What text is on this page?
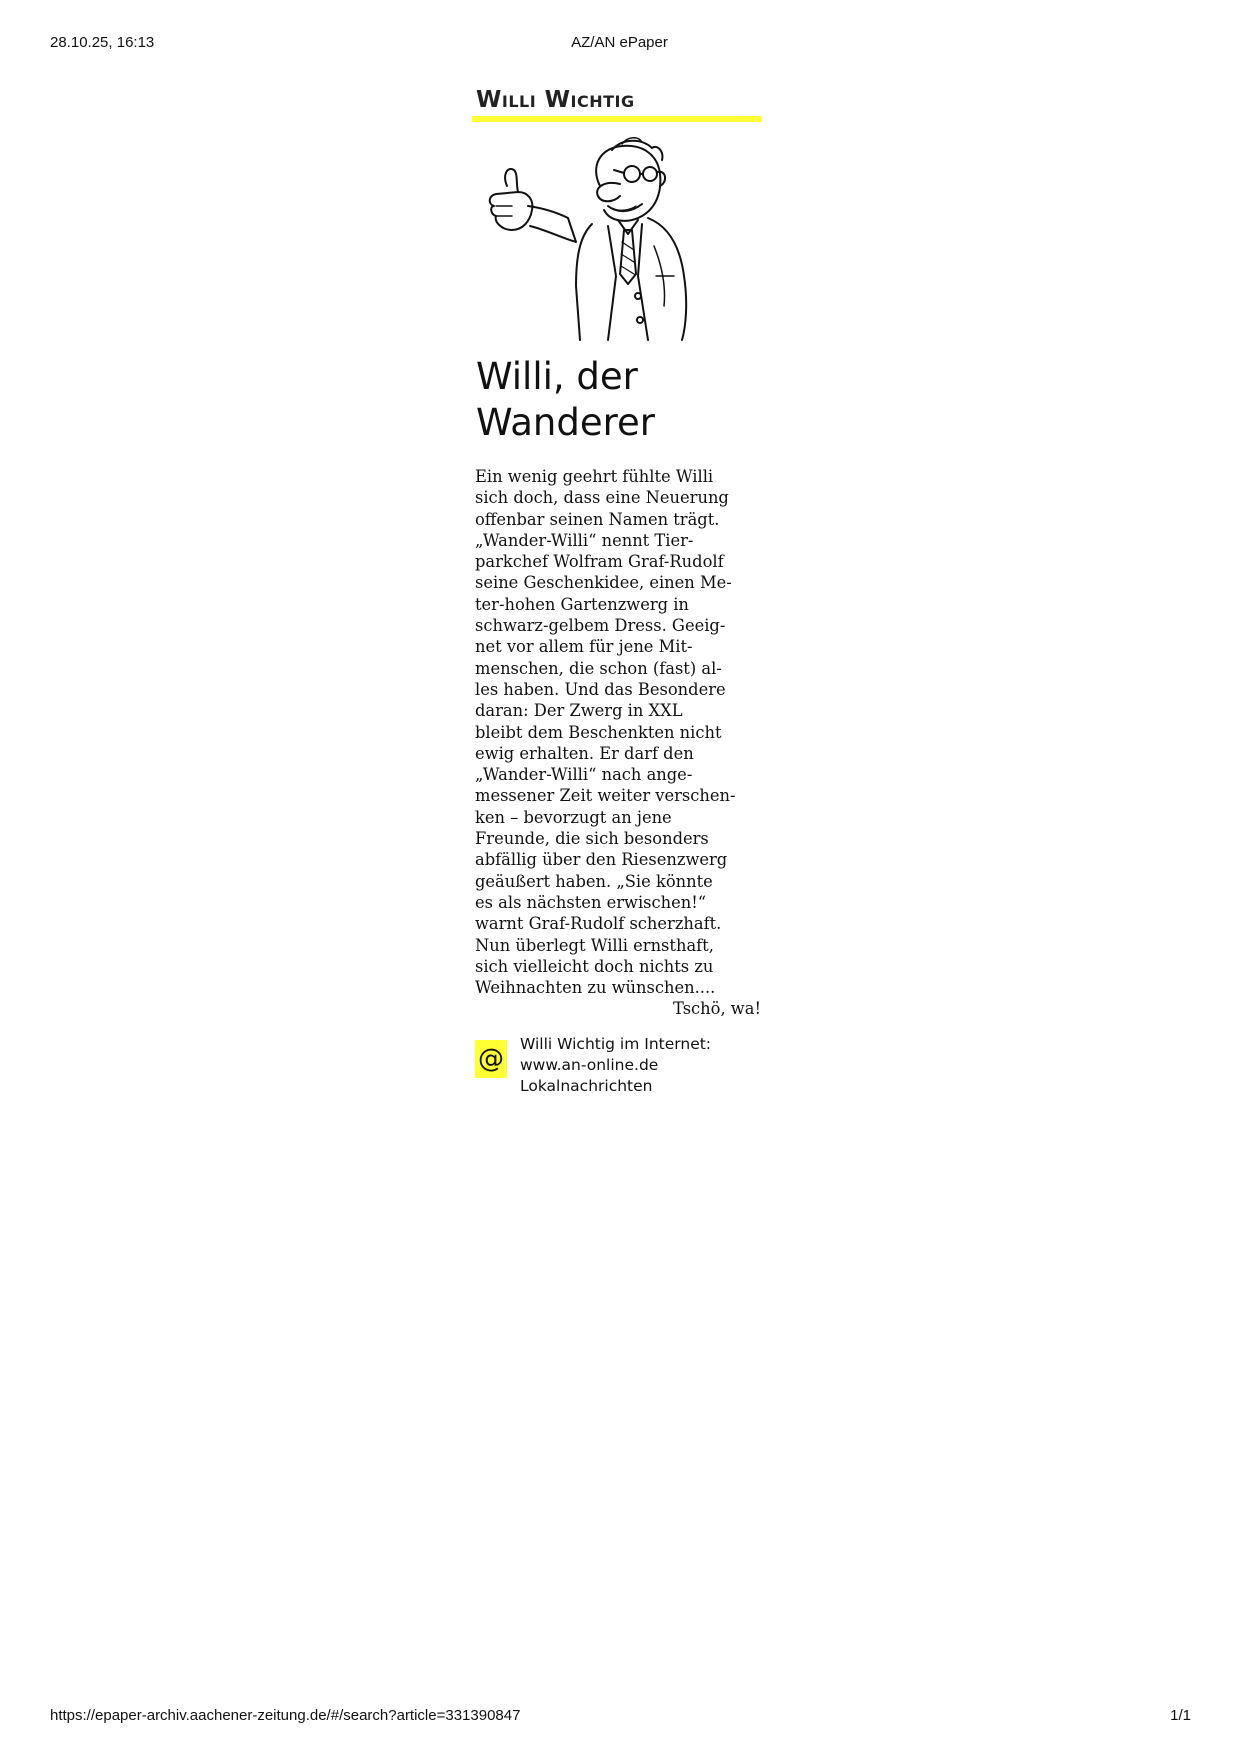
28.10.25, 16:13	AZ/AN ePaper
Willi Wichtig
Willi, der
Wanderer

Ein wenig geehrt fühlte Willi

sich doch, dass eine Neuerung

offenbar seinen Namen trägt.

„Wander-Willi“ nennt Tier-

parkchef Wolfram Graf-Rudolf

seine Geschenkidee, einen Me-

ter-hohen Gartenzwerg in

schwarz-gelbem Dress. Geeig-

net vor allem für jene Mit-

menschen, die schon (fast) al-

les haben. Und das Besondere

daran: Der Zwerg in XXL

bleibt dem Beschenkten nicht

ewig erhalten. Er darf den

„Wander-Willi“ nach ange-

messener Zeit weiter verschen-

ken – bevorzugt an jene

Freunde, die sich besonders

abfällig über den Riesenzwerg

geäußert haben. „Sie könnte

es als nächsten erwischen!“

warnt Graf-Rudolf scherzhaft.

Nun überlegt Willi ernsthaft,

sich vielleicht doch nichts zu

Weihnachten zu wünschen....

Tschö, wa!

@ Willi Wichtig im Internet:
www.an-online.de
Lokalnachrichten
https://epaper-archiv.aachener-zeitung.de/#/search?article=331390847	1/1
